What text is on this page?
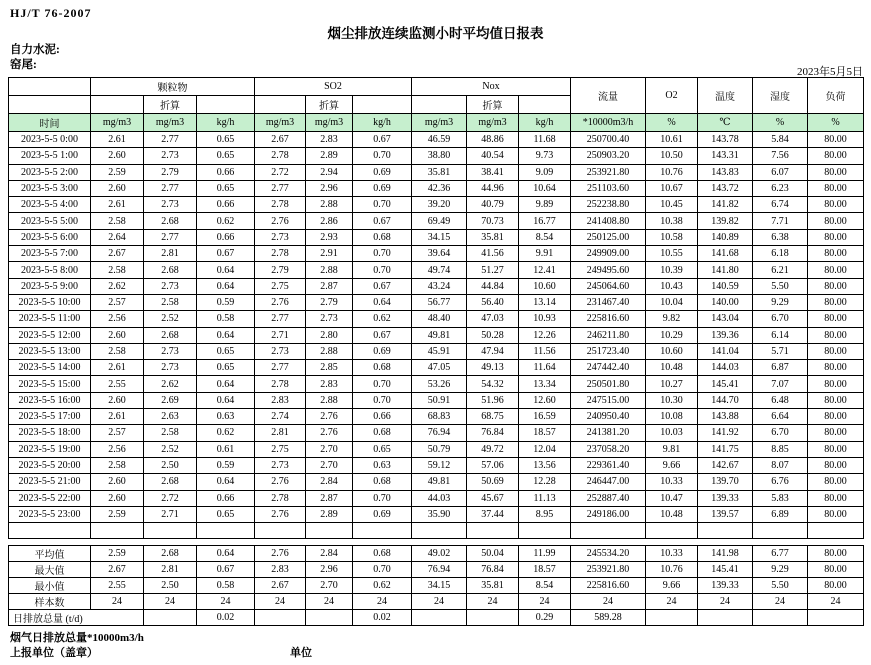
HJ/T 76-2007
烟尘排放连续监测小时平均值日报表
自力水泥:
窑尾:
2023年5月5日
	颗粒物			SO2			Nox			流量	O2	温度	湿度	负荷
		折算			折算			折算						
时间	mg/m3	mg/m3	kg/h	mg/m3	mg/m3	kg/h	mg/m3	mg/m3	kg/h	*10000m3/h	%	℃	%	%
2023-5-5 0:00	2.61	2.77	0.65	2.67	2.83	0.67	46.59	48.86	11.68	250700.40	10.61	143.78	5.84	80.00
2023-5-5 1:00	2.60	2.73	0.65	2.78	2.89	0.70	38.80	40.54	9.73	250903.20	10.50	143.31	7.56	80.00
2023-5-5 2:00	2.59	2.79	0.66	2.72	2.94	0.69	35.81	38.41	9.09	253921.80	10.76	143.83	6.07	80.00
2023-5-5 3:00	2.60	2.77	0.65	2.77	2.96	0.69	42.36	44.96	10.64	251103.60	10.67	143.72	6.23	80.00
2023-5-5 4:00	2.61	2.73	0.66	2.78	2.88	0.70	39.20	40.79	9.89	252238.80	10.45	141.82	6.74	80.00
2023-5-5 5:00	2.58	2.68	0.62	2.76	2.86	0.67	69.49	70.73	16.77	241408.80	10.38	139.82	7.71	80.00
2023-5-5 6:00	2.64	2.77	0.66	2.73	2.93	0.68	34.15	35.81	8.54	250125.00	10.58	140.89	6.38	80.00
2023-5-5 7:00	2.67	2.81	0.67	2.78	2.91	0.70	39.64	41.56	9.91	249909.00	10.55	141.68	6.18	80.00
2023-5-5 8:00	2.58	2.68	0.64	2.79	2.88	0.70	49.74	51.27	12.41	249495.60	10.39	141.80	6.21	80.00
2023-5-5 9:00	2.62	2.73	0.64	2.75	2.87	0.67	43.24	44.84	10.60	245064.60	10.43	140.59	5.50	80.00
2023-5-5 10:00	2.57	2.58	0.59	2.76	2.79	0.64	56.77	56.40	13.14	231467.40	10.04	140.00	9.29	80.00
2023-5-5 11:00	2.56	2.52	0.58	2.77	2.73	0.62	48.40	47.03	10.93	225816.60	9.82	143.04	6.70	80.00
2023-5-5 12:00	2.60	2.68	0.64	2.71	2.80	0.67	49.81	50.28	12.26	246211.80	10.29	139.36	6.14	80.00
2023-5-5 13:00	2.58	2.73	0.65	2.73	2.88	0.69	45.91	47.94	11.56	251723.40	10.60	141.04	5.71	80.00
2023-5-5 14:00	2.61	2.73	0.65	2.77	2.85	0.68	47.05	49.13	11.64	247442.40	10.48	144.03	6.87	80.00
2023-5-5 15:00	2.55	2.62	0.64	2.78	2.83	0.70	53.26	54.32	13.34	250501.80	10.27	145.41	7.07	80.00
2023-5-5 16:00	2.60	2.69	0.64	2.83	2.88	0.70	50.91	51.96	12.60	247515.00	10.30	144.70	6.48	80.00
2023-5-5 17:00	2.61	2.63	0.63	2.74	2.76	0.66	68.83	68.75	16.59	240950.40	10.08	143.88	6.64	80.00
2023-5-5 18:00	2.57	2.58	0.62	2.81	2.76	0.68	76.94	76.84	18.57	241381.20	10.03	141.92	6.70	80.00
2023-5-5 19:00	2.56	2.52	0.61	2.75	2.70	0.65	50.79	49.72	12.04	237058.20	9.81	141.75	8.85	80.00
2023-5-5 20:00	2.58	2.50	0.59	2.73	2.70	0.63	59.12	57.06	13.56	229361.40	9.66	142.67	8.07	80.00
2023-5-5 21:00	2.60	2.68	0.64	2.76	2.84	0.68	49.81	50.69	12.28	246447.00	10.33	139.70	6.76	80.00
2023-5-5 22:00	2.60	2.72	0.66	2.78	2.87	0.70	44.03	45.67	11.13	252887.40	10.47	139.33	5.83	80.00
2023-5-5 23:00	2.59	2.71	0.65	2.76	2.89	0.69	35.90	37.44	8.95	249186.00	10.48	139.57	6.89	80.00

平均值	2.59	2.68	0.64	2.76	2.84	0.68	49.02	50.04	11.99	245534.20	10.33	141.98	6.77	80.00
最大值	2.67	2.81	0.67	2.83	2.96	0.70	76.94	76.84	18.57	253921.80	10.76	145.41	9.29	80.00
最小值	2.55	2.50	0.58	2.67	2.70	0.62	34.15	35.81	8.54	225816.60	9.66	139.33	5.50	80.00
样本数	24	24	24	24	24	24	24	24	24	24	24	24	24	24
日排放总量 (t/d)			0.02			0.02			0.29	589.28				
烟气日排放总量*10000m3/h
上报单位（盖章）	单位
